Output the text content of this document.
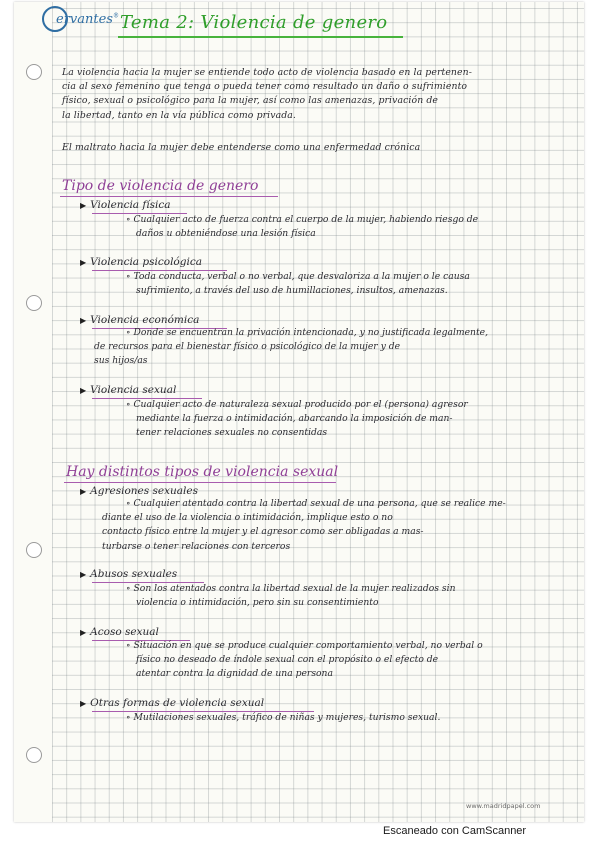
ervantes® Tema 2: Violencia de genero
La violencia hacia la mujer se entiende todo acto de violencia basado en la pertenen-
cia al sexo femenino que tenga o pueda tener como resultado un daño o sufrimiento
físico, sexual o psicológico para la mujer, así como las amenazas, privación de
la libertad, tanto en la vía pública como privada.
El maltrato hacia la mujer debe entenderse como una enfermedad crónica
Tipo de violencia de genero
▶ Violencia física
∘ Cualquier acto de fuerza contra el cuerpo de la mujer, habiendo riesgo de
daños u obteniéndose una lesión física
▶ Violencia psicológica
∘ Toda conducta, verbal o no verbal, que desvaloriza a la mujer o le causa
sufrimiento, a través del uso de humillaciones, insultos, amenazas.
▶ Violencia económica
∘ Donde se encuentran la privación intencionada, y no justificada legalmente,
de recursos para el bienestar físico o psicológico de la mujer y de
sus hijos/as
▶ Violencia sexual
∘ Cualquier acto de naturaleza sexual producido por el (persona) agresor
mediante la fuerza o intimidación, abarcando la imposición de man-
tener relaciones sexuales no consentidas
Hay distintos tipos de violencia sexual
▶ Agresiones sexuales
∘ Cualquier atentado contra la libertad sexual de una persona, que se realice me-
diante el uso de la violencia o intimidación, implique esto o no
contacto físico entre la mujer y el agresor como ser obligadas a mas-
turbarse o tener relaciones con terceros
▶ Abusos sexuales
∘ Son los atentados contra la libertad sexual de la mujer realizados sin
violencia o intimidación, pero sin su consentimiento
▶ Acoso sexual
∘ Situación en que se produce cualquier comportamiento verbal, no verbal o
físico no deseado de índole sexual con el propósito o el efecto de
atentar contra la dignidad de una persona
▶ Otras formas de violencia sexual
∘ Mutilaciones sexuales, tráfico de niñas y mujeres, turismo sexual.
www.madridpapel.com
Escaneado con CamScanner
